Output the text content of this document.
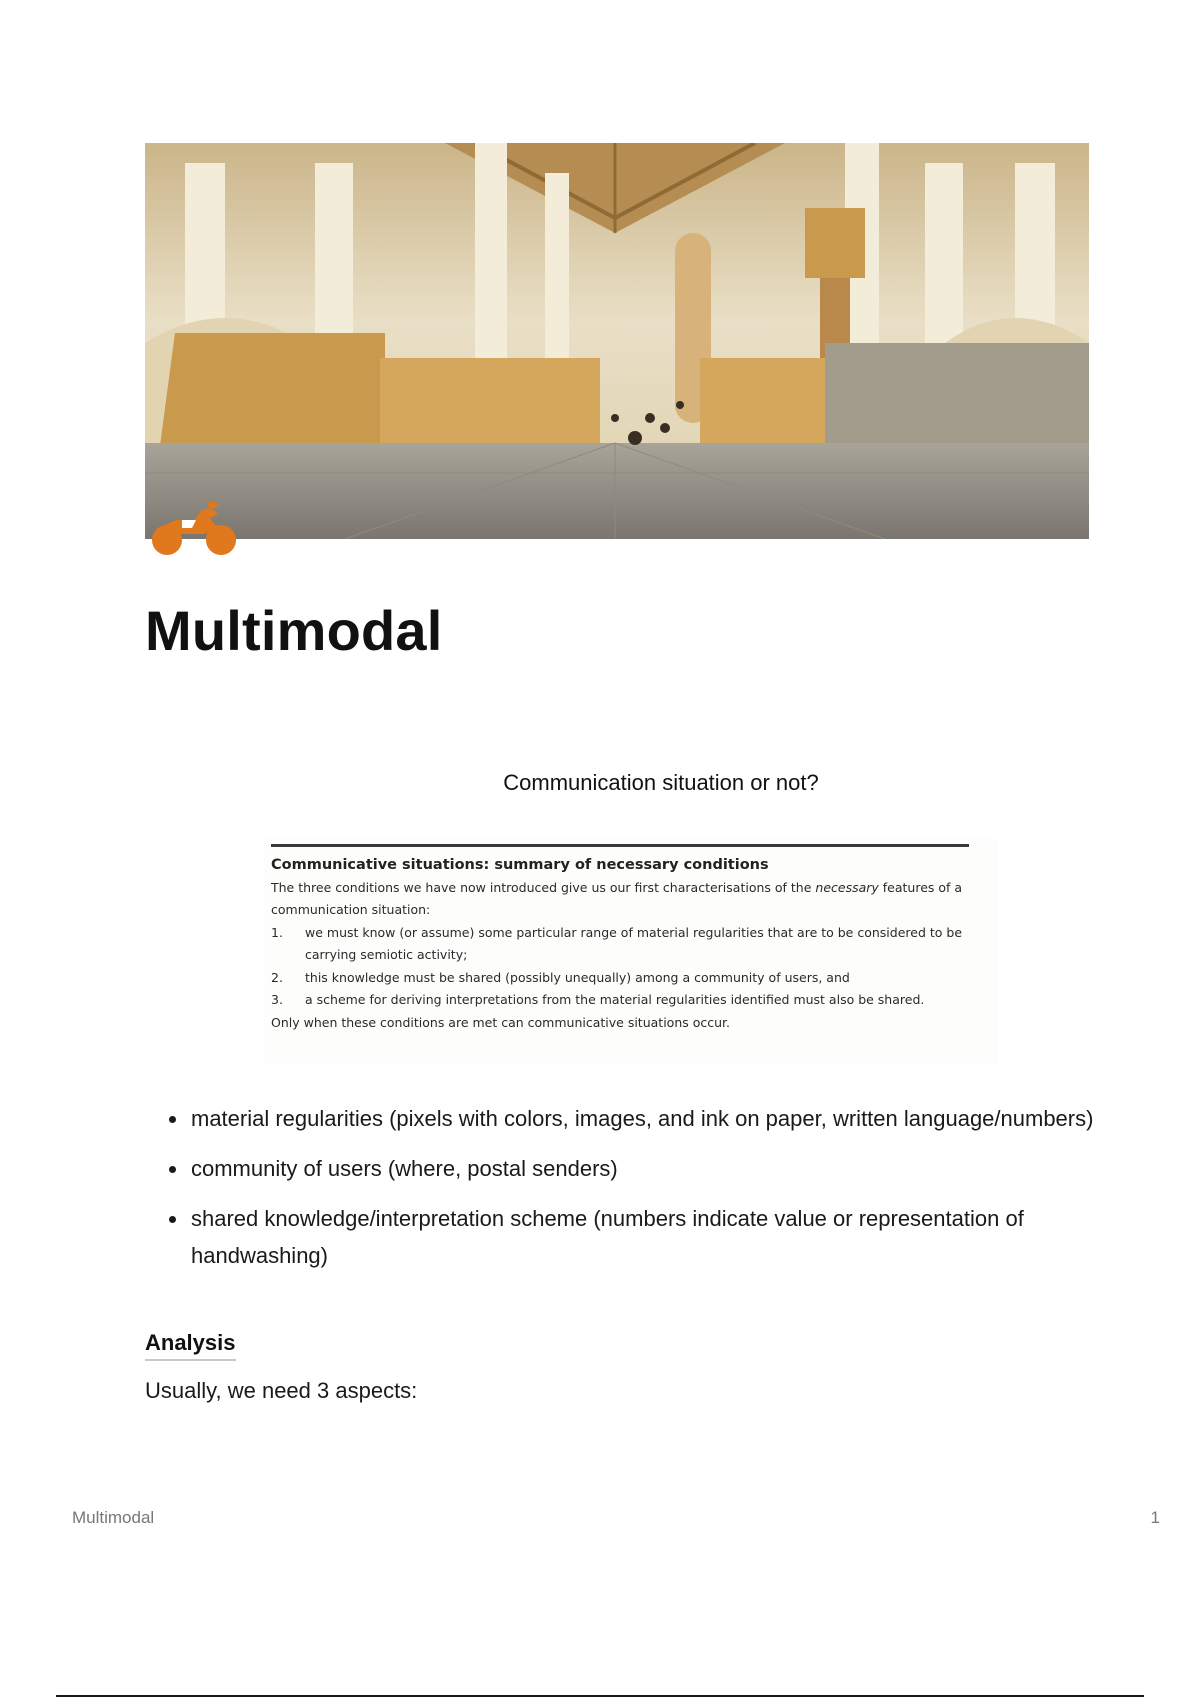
Multimodal
Communication situation or not?
Communicative situations: summary of necessary conditions
The three conditions we have now introduced give us our first characterisations of the necessary features of a communication situation:
1. we must know (or assume) some particular range of material regularities that are to be considered to be carrying semiotic activity;
2. this knowledge must be shared (possibly unequally) among a community of users, and
3. a scheme for deriving interpretations from the material regularities identified must also be shared.
Only when these conditions are met can communicative situations occur.
• material regularities (pixels with colors, images, and ink on paper, written language/numbers)
• community of users (where, postal senders)
• shared knowledge/interpretation scheme (numbers indicate value or representation of handwashing)
Analysis
Usually, we need 3 aspects:
Multimodal	1
